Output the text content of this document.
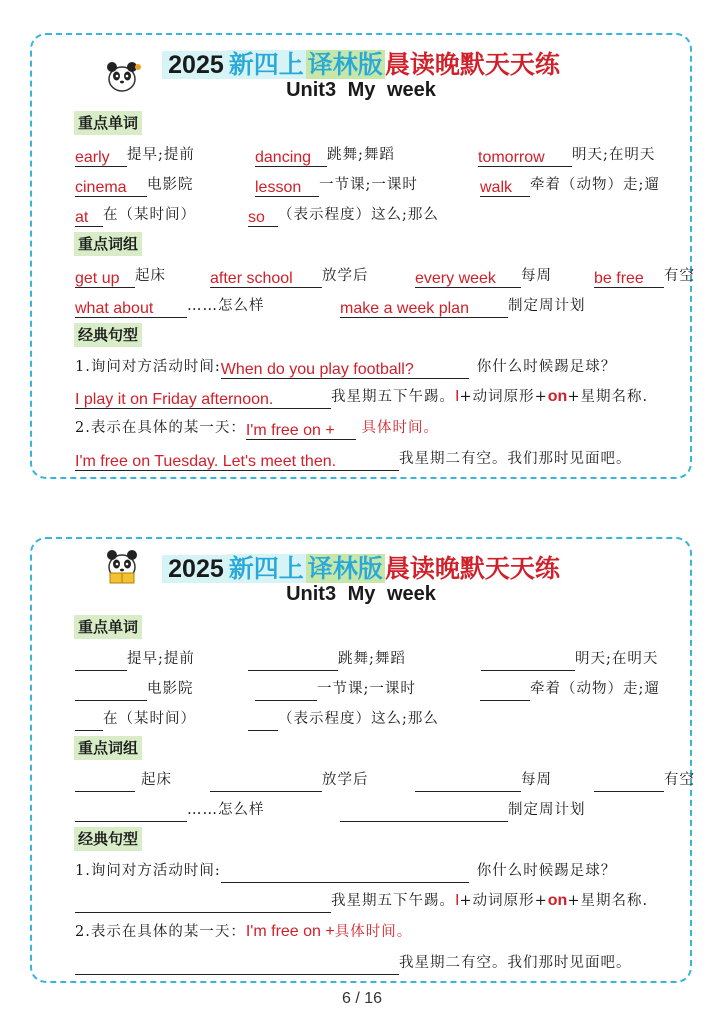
2025 新四上 译林版晨读晚默天天练
Unit3 My week
重点单词
early 提早;提前	dancing 跳舞;舞蹈	tomorrow 明天;在明天
cinema 电影院	lesson 一节课;一课时	walk 牵着（动物）走;遛
at 在（某时间）	so （表示程度）这么;那么
重点词组
get up 起床	after school 放学后	every week 每周	be free 有空
what about ……怎么样	make a week plan	制定周计划
经典句型
1.询问对方活动时间:When do you play football?	你什么时候踢足球？
I play it on Friday afternoon.	我星期五下午踢。I+动词原形+on+星期名称.
2.表示在具体的某一天：I'm free on + 具体时间。
I'm free on Tuesday. Let's meet then.	我星期二有空。我们那时见面吧。
2025 新四上 译林版晨读晚默天天练
Unit3 My week
重点单词
提早;提前	跳舞;舞蹈	明天;在明天
电影院	一节课;一课时	牵着（动物）走;遛
在（某时间）	（表示程度）这么;那么
重点词组
起床	放学后	每周	有空
……怎么样	制定周计划
经典句型
1.询问对方活动时间:	你什么时候踢足球？
我星期五下午踢。I+动词原形+on+星期名称.
2.表示在具体的某一天：I'm free on +具体时间。
我星期二有空。我们那时见面吧。
6 / 16
